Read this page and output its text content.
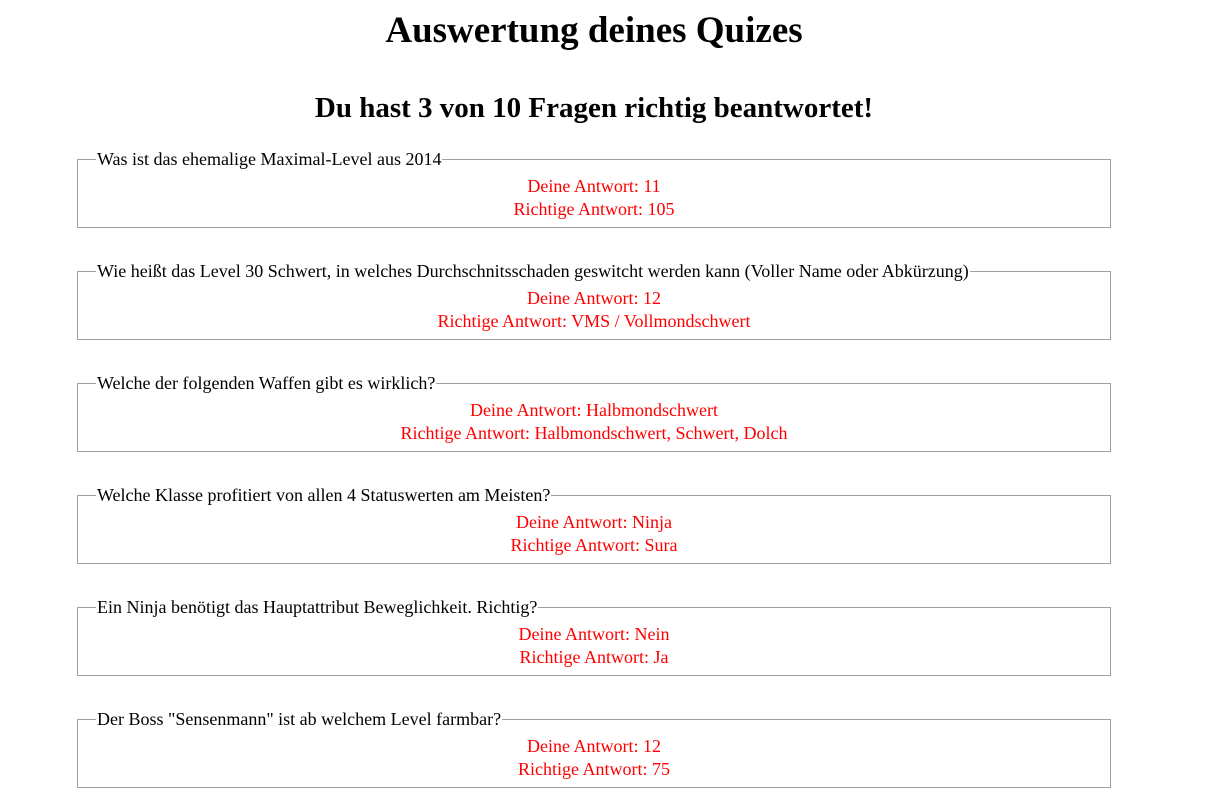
Auswertung deines Quizes
Du hast 3 von 10 Fragen richtig beantwortet!
Was ist das ehemalige Maximal-Level aus 2014
Deine Antwort: 11
Richtige Antwort: 105
Wie heißt das Level 30 Schwert, in welches Durchschnitsschaden geswitcht werden kann (Voller Name oder Abkürzung)
Deine Antwort: 12
Richtige Antwort: VMS / Vollmondschwert
Welche der folgenden Waffen gibt es wirklich?
Deine Antwort: Halbmondschwert
Richtige Antwort: Halbmondschwert, Schwert, Dolch
Welche Klasse profitiert von allen 4 Statuswerten am Meisten?
Deine Antwort: Ninja
Richtige Antwort: Sura
Ein Ninja benötigt das Hauptattribut Beweglichkeit. Richtig?
Deine Antwort: Nein
Richtige Antwort: Ja
Der Boss "Sensenmann" ist ab welchem Level farmbar?
Deine Antwort: 12
Richtige Antwort: 75
